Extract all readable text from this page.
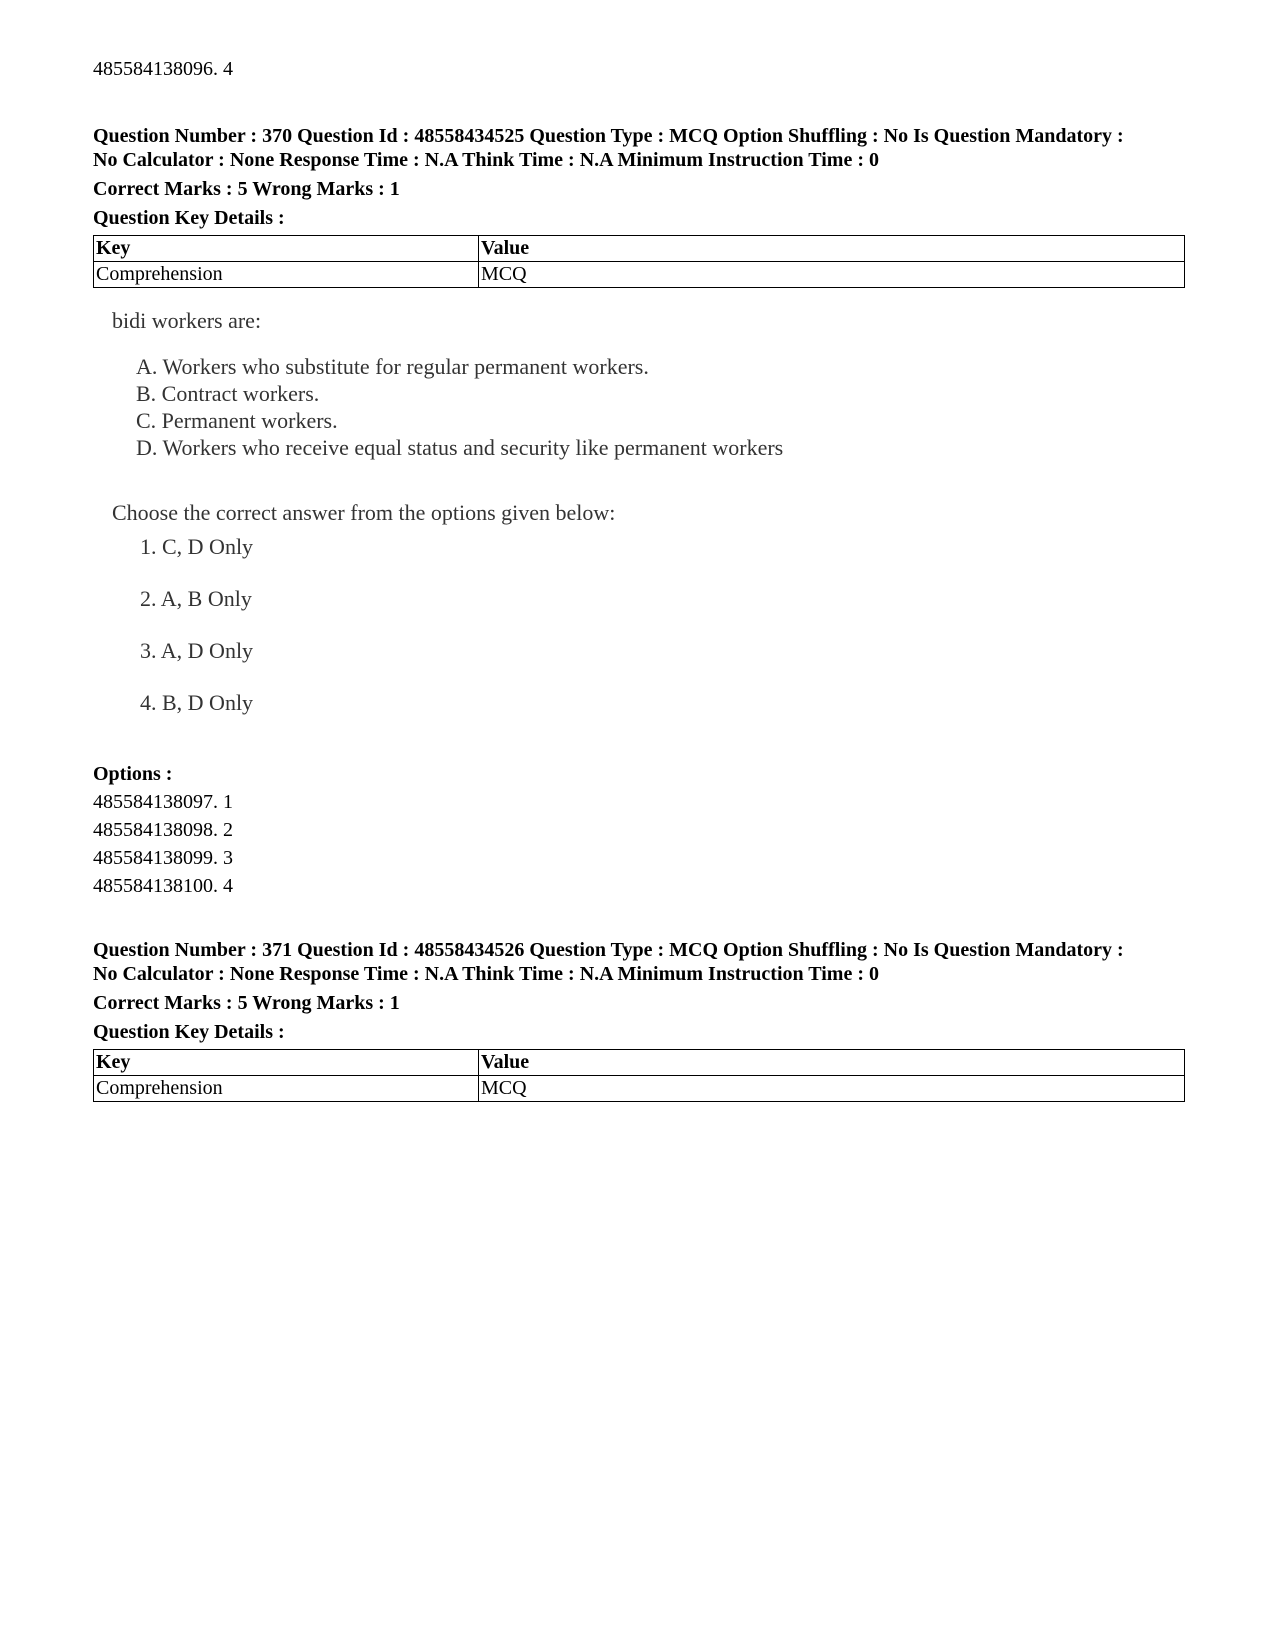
485584138096. 4
Question Number : 370 Question Id : 48558434525 Question Type : MCQ Option Shuffling : No Is Question Mandatory :
No Calculator : None Response Time : N.A Think Time : N.A Minimum Instruction Time : 0
Correct Marks : 5 Wrong Marks : 1
Question Key Details :
Key	Value
Comprehension	MCQ
bidi workers are:
A. Workers who substitute for regular permanent workers.
B. Contract workers.
C. Permanent workers.
D. Workers who receive equal status and security like permanent workers
Choose the correct answer from the options given below:
1. C, D Only
2. A, B Only
3. A, D Only
4. B, D Only
Options :
485584138097. 1
485584138098. 2
485584138099. 3
485584138100. 4
Question Number : 371 Question Id : 48558434526 Question Type : MCQ Option Shuffling : No Is Question Mandatory :
No Calculator : None Response Time : N.A Think Time : N.A Minimum Instruction Time : 0
Correct Marks : 5 Wrong Marks : 1
Question Key Details :
Key	Value
Comprehension	MCQ
